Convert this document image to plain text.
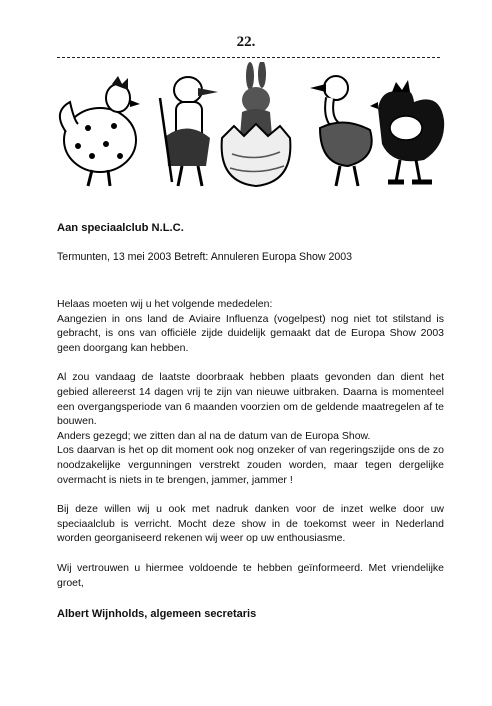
22.
Aan speciaalclub N.L.C.
Termunten, 13 mei 2003 Betreft: Annuleren Europa Show 2003

Helaas moeten wij u het volgende mededelen:

Aangezien in ons land de Aviaire Influenza (vogelpest) nog niet tot stilstand is gebracht, is ons van officiële zijde duidelijk gemaakt dat de Europa Show 2003 geen doorgang kan hebben.

Al zou vandaag de laatste doorbraak hebben plaats gevonden dan dient het gebied allereerst 14 dagen vrij te zijn van nieuwe uitbraken. Daarna is momenteel een overgangsperiode van 6 maanden voorzien om de geldende maatregelen af te bouwen.

Anders gezegd; we zitten dan al na de datum van de Europa Show.

Los daarvan is het op dit moment ook nog onzeker of van regeringszijde ons de zo noodzakelijke vergunningen verstrekt zouden worden, maar tegen dergelijke overmacht is niets in te brengen, jammer, jammer !

Bij deze willen wij u ook met nadruk danken voor de inzet welke door uw speciaalclub is verricht. Mocht deze show in de toekomst weer in Nederland worden georganiseerd rekenen wij weer op uw enthousiasme.

Wij vertrouwen u hiermee voldoende te hebben geïnformeerd. Met vriendelijke groet,

Albert Wijnholds, algemeen secretaris
